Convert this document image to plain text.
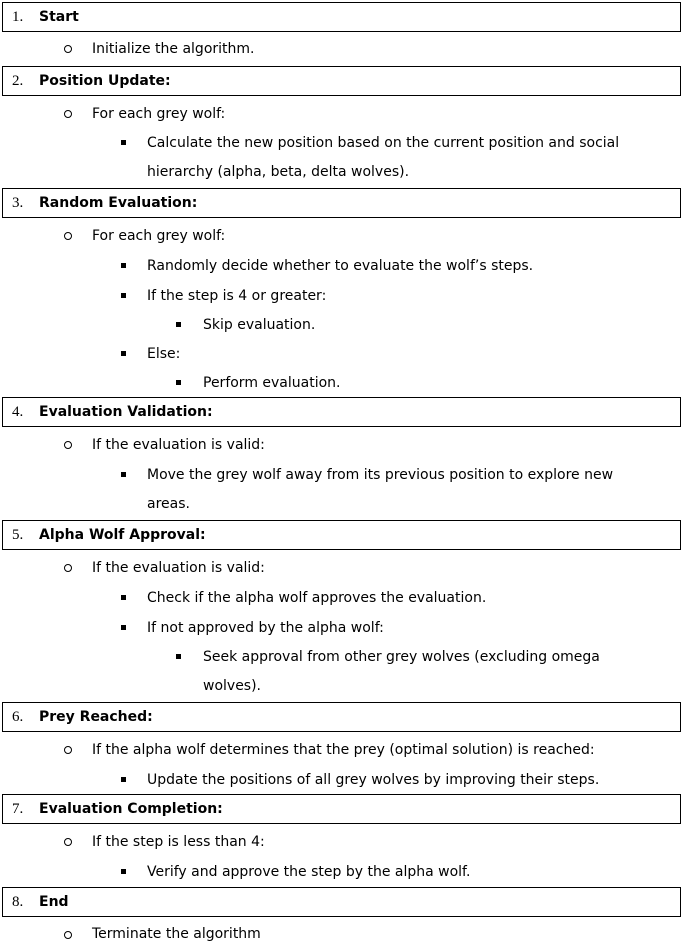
1. Start
Initialize the algorithm.
2. Position Update:
For each grey wolf:
Calculate the new position based on the current position and social
hierarchy (alpha, beta, delta wolves).
3. Random Evaluation:
For each grey wolf:
Randomly decide whether to evaluate the wolf’s steps.
If the step is 4 or greater:
Skip evaluation.
Else:
Perform evaluation.
4. Evaluation Validation:
If the evaluation is valid:
Move the grey wolf away from its previous position to explore new
areas.
5. Alpha Wolf Approval:
If the evaluation is valid:
Check if the alpha wolf approves the evaluation.
If not approved by the alpha wolf:
Seek approval from other grey wolves (excluding omega
wolves).
6. Prey Reached:
If the alpha wolf determines that the prey (optimal solution) is reached:
Update the positions of all grey wolves by improving their steps.
7. Evaluation Completion:
If the step is less than 4:
Verify and approve the step by the alpha wolf.
8. End
Terminate the algorithm
